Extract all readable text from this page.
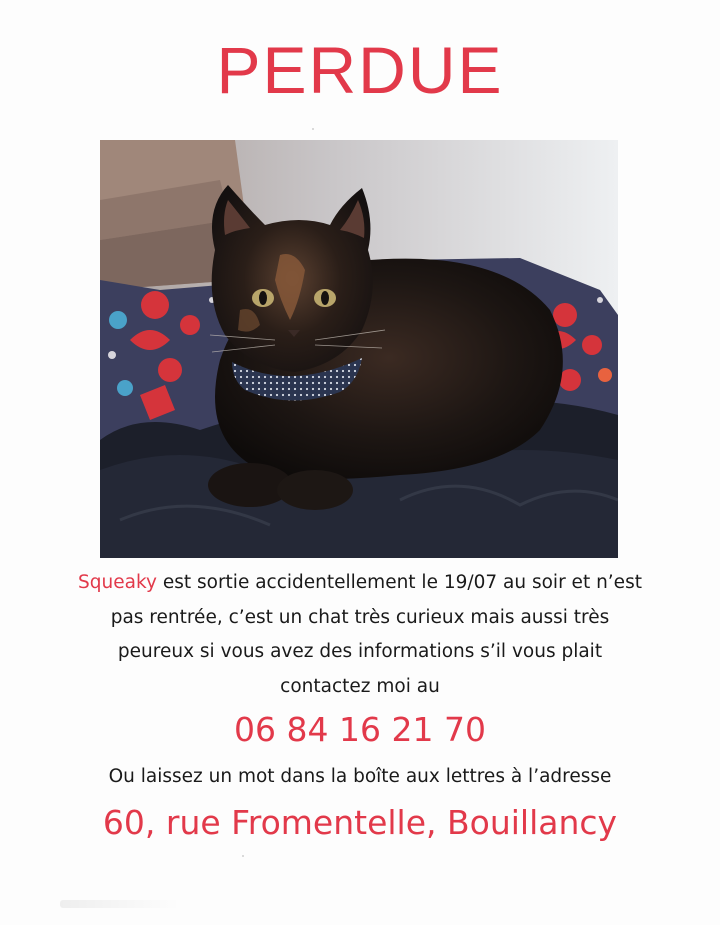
PERDUE

Squeaky est sortie accidentellement le 19/07 au soir et n’est
pas rentrée, c’est un chat très curieux mais aussi très
peureux si vous avez des informations s’il vous plait
contactez moi au

06 84 16 21 70

Ou laissez un mot dans la boîte aux lettres à l’adresse

60, rue Fromentelle, Bouillancy
